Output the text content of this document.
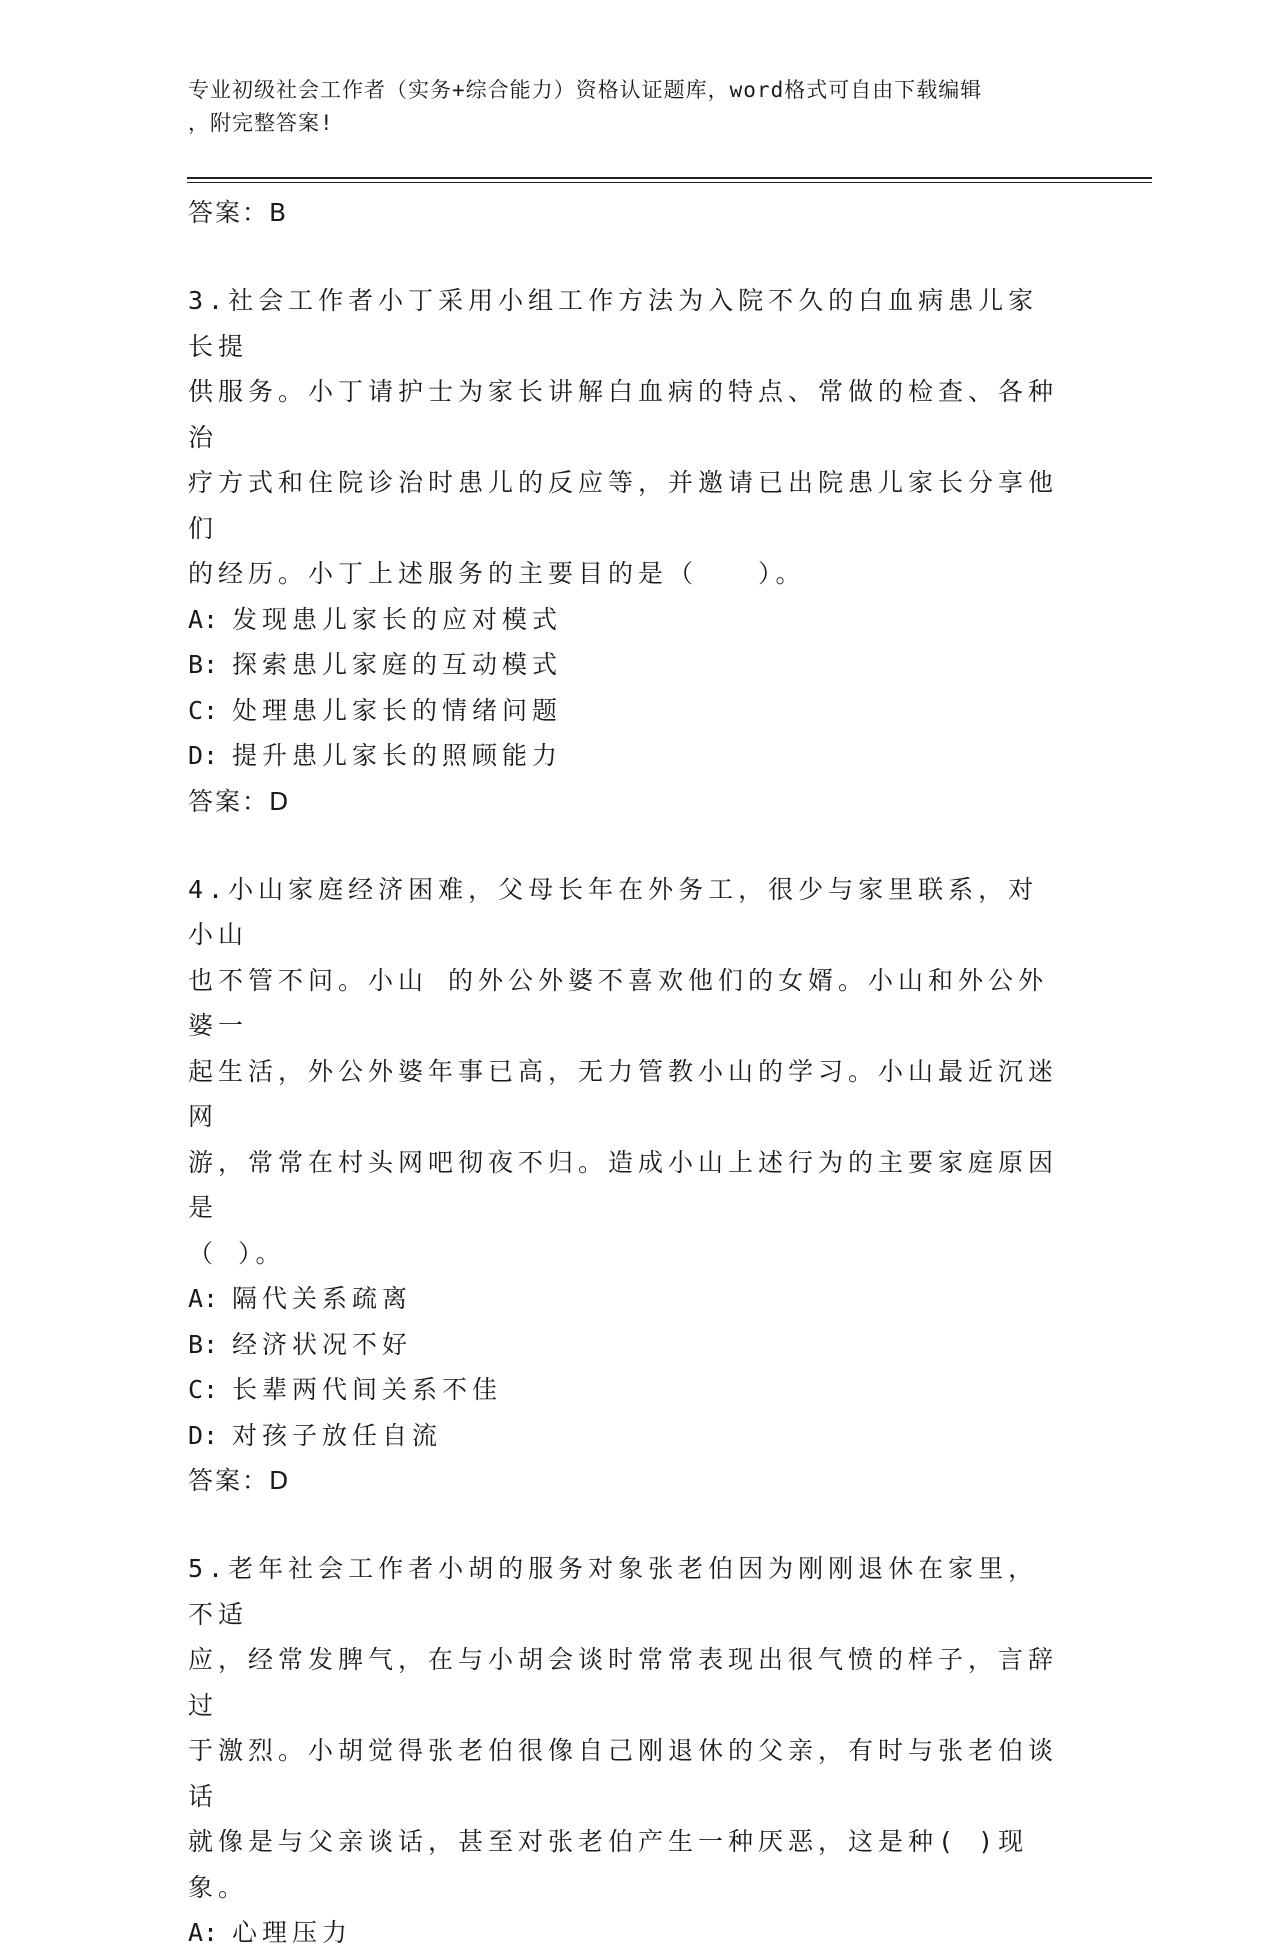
专业初级社会工作者（实务+综合能力）资格认证题库，word格式可自由下载编辑
，附完整答案!
答案：B
3.社会工作者小丁采用小组工作方法为入院不久的白血病患儿家长提
供服务。小丁请护士为家长讲解白血病的特点、常做的检查、各种治
疗方式和住院诊治时患儿的反应等，并邀请已出院患儿家长分享他们
的经历。小丁上述服务的主要目的是（　　）。
A: 发现患儿家长的应对模式
B: 探索患儿家庭的互动模式
C: 处理患儿家长的情绪问题
D: 提升患儿家长的照顾能力
答案：D
4.小山家庭经济困难，父母长年在外务工，很少与家里联系，对小山
也不管不问。小山 的外公外婆不喜欢他们的女婿。小山和外公外婆一
起生活，外公外婆年事已高，无力管教小山的学习。小山最近沉迷网
游，常常在村头网吧彻夜不归。造成小山上述行为的主要家庭原因 是
（ ）。
A: 隔代关系疏离
B: 经济状况不好
C: 长辈两代间关系不佳
D: 对孩子放任自流
答案：D
5.老年社会工作者小胡的服务对象张老伯因为刚刚退休在家里，不适
应，经常发脾气，在与小胡会谈时常常表现出很气愤的样子，言辞过
于激烈。小胡觉得张老伯很像自己刚退休的父亲，有时与张老伯谈话
就像是与父亲谈话，甚至对张老伯产生一种厌恶，这是种( )现象。
A: 心理压力
